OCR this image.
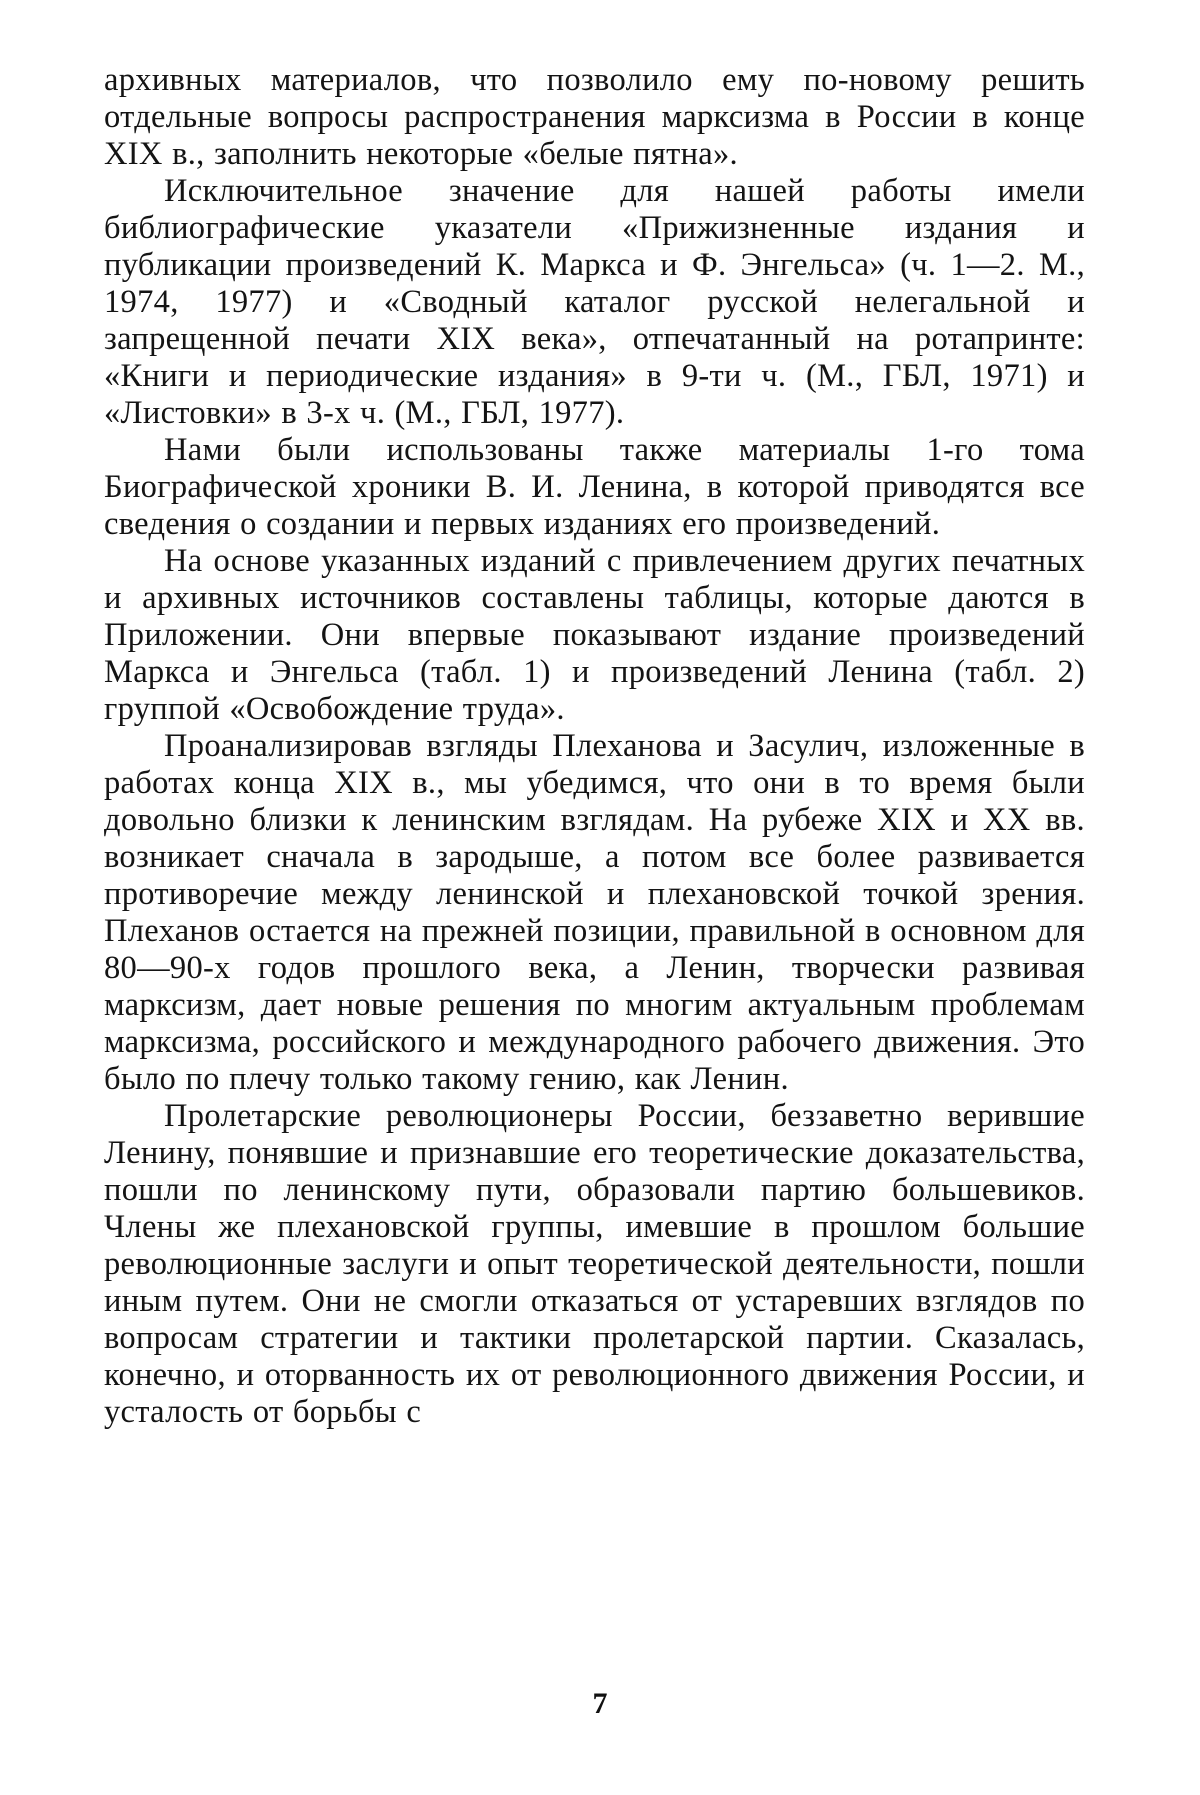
архивных материалов, что позволило ему по-новому решить отдельные вопросы распространения марксизма в России в конце XIX в., заполнить некоторые «белые пятна».

Исключительное значение для нашей работы имели библиографические указатели «Прижизненные издания и публикации произведений К. Маркса и Ф. Энгельса» (ч. 1—2. М., 1974, 1977) и «Сводный каталог русской нелегальной и запрещенной печати XIX века», отпечатанный на ротапринте: «Книги и периодические издания» в 9-ти ч. (М., ГБЛ, 1971) и «Листовки» в 3-х ч. (М., ГБЛ, 1977).

Нами были использованы также материалы 1-го тома Биографической хроники В. И. Ленина, в которой приводятся все сведения о создании и первых изданиях его произведений.

На основе указанных изданий с привлечением других печатных и архивных источников составлены таблицы, которые даются в Приложении. Они впервые показывают издание произведений Маркса и Энгельса (табл. 1) и произведений Ленина (табл. 2) группой «Освобождение труда».

Проанализировав взгляды Плеханова и Засулич, изложенные в работах конца XIX в., мы убедимся, что они в то время были довольно близки к ленинским взглядам. На рубеже XIX и XX вв. возникает сначала в зародыше, а потом все более развивается противоречие между ленинской и плехановской точкой зрения. Плеханов остается на прежней позиции, правильной в основном для 80—90-х годов прошлого века, а Ленин, творчески развивая марксизм, дает новые решения по многим актуальным проблемам марксизма, российского и международного рабочего движения. Это было по плечу только такому гению, как Ленин.

Пролетарские революционеры России, беззаветно верившие Ленину, понявшие и признавшие его теоретические доказательства, пошли по ленинскому пути, образовали партию большевиков. Члены же плехановской группы, имевшие в прошлом большие революционные заслуги и опыт теоретической деятельности, пошли иным путем. Они не смогли отказаться от устаревших взглядов по вопросам стратегии и тактики пролетарской партии. Сказалась, конечно, и оторванность их от революционного движения России, и усталость от борьбы с

7
